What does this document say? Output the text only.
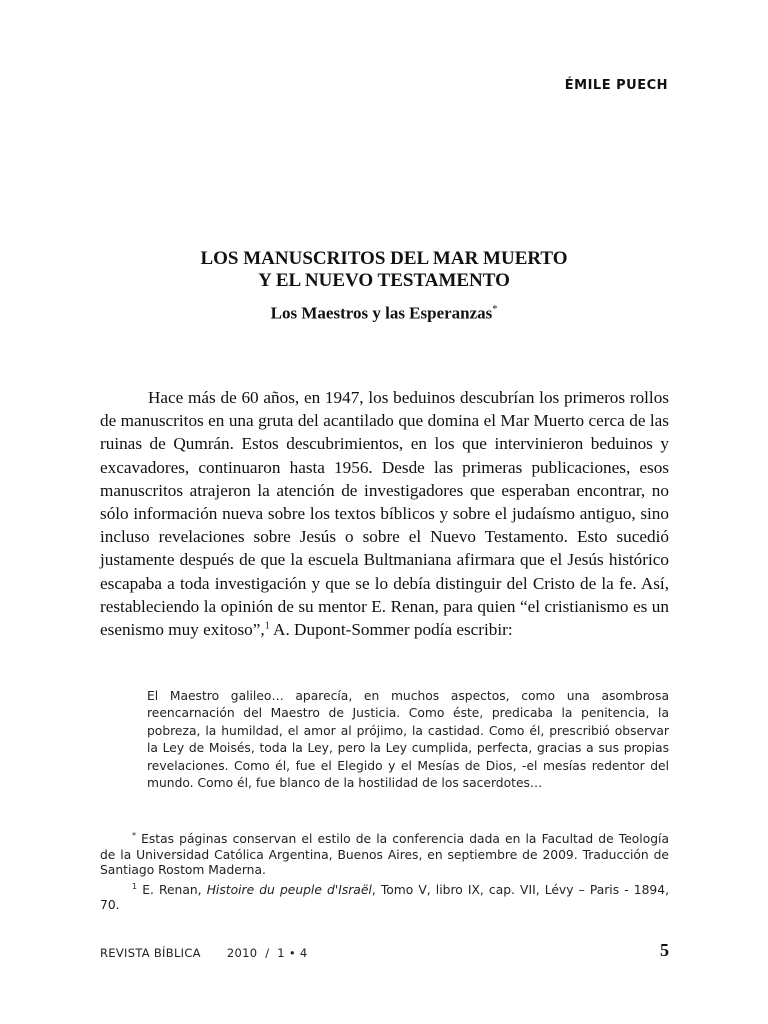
ÉMILE PUECH
LOS MANUSCRITOS DEL MAR MUERTO
Y EL NUEVO TESTAMENTO
Los Maestros y las Esperanzas*

Hace más de 60 años, en 1947, los beduinos descubrían los primeros rollos de manuscritos en una gruta del acantilado que domina el Mar Muerto cerca de las ruinas de Qumrán. Estos descubrimientos, en los que intervinieron beduinos y excavadores, continuaron hasta 1956. Desde las primeras publicaciones, esos manuscritos atrajeron la atención de investigadores que esperaban encontrar, no sólo información nueva sobre los textos bíblicos y sobre el judaísmo antiguo, sino incluso revelaciones sobre Jesús o sobre el Nuevo Testamento. Esto sucedió justamente después de que la escuela Bultmaniana afirmara que el Jesús histórico escapaba a toda investigación y que se lo debía distinguir del Cristo de la fe. Así, restableciendo la opinión de su mentor E. Renan, para quien “el cristianismo es un esenismo muy exitoso”,$^1$ A. Dupont-Sommer podía escribir:

El Maestro galileo… aparecía, en muchos aspectos, como una asombrosa reencarnación del Maestro de Justicia. Como éste, predicaba la penitencia, la pobreza, la humildad, el amor al prójimo, la castidad. Como él, prescribió observar la Ley de Moisés, toda la Ley, pero la Ley cumplida, perfecta, gracias a sus propias revelaciones. Como él, fue el Elegido y el Mesías de Dios, -el mesías redentor del mundo. Como él, fue blanco de la hostilidad de los sacerdotes…

* Estas páginas conservan el estilo de la conferencia dada en la Facultad de Teología de la Universidad Católica Argentina, Buenos Aires, en septiembre de 2009. Traducción de Santiago Rostom Maderna.

$^1$ E. Renan, Histoire du peuple d'Israël, Tomo V, libro IX, cap. VII, Lévy – Paris - 1894, 70.

REVISTA BÍBLICA 2010  /  1 • 4	5
